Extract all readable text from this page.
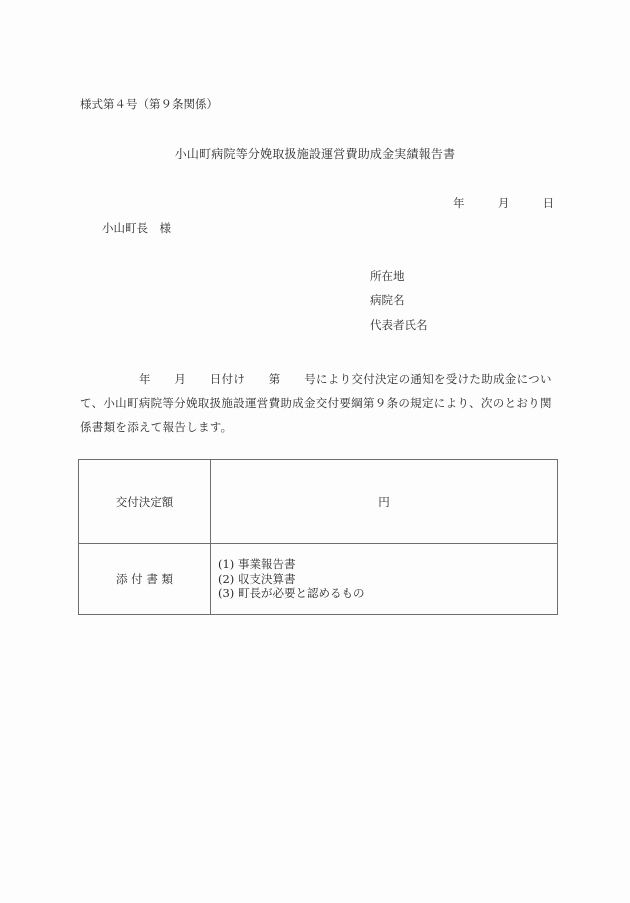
様式第４号（第９条関係）
小山町病院等分娩取扱施設運営費助成金実績報告書
年	月	日
小山町長　様
所在地
病院名
代表者氏名
　　　　　年　　月　　日付け　　第　　号により交付決定の通知を受けた助成金につい
て、小山町病院等分娩取扱施設運営費助成金交付要綱第９条の規定により、次のとおり関
係書類を添えて報告します。
交付決定額	円
添 付 書 類	(1) 事業報告書
(2) 収支決算書
(3) 町長が必要と認めるもの
